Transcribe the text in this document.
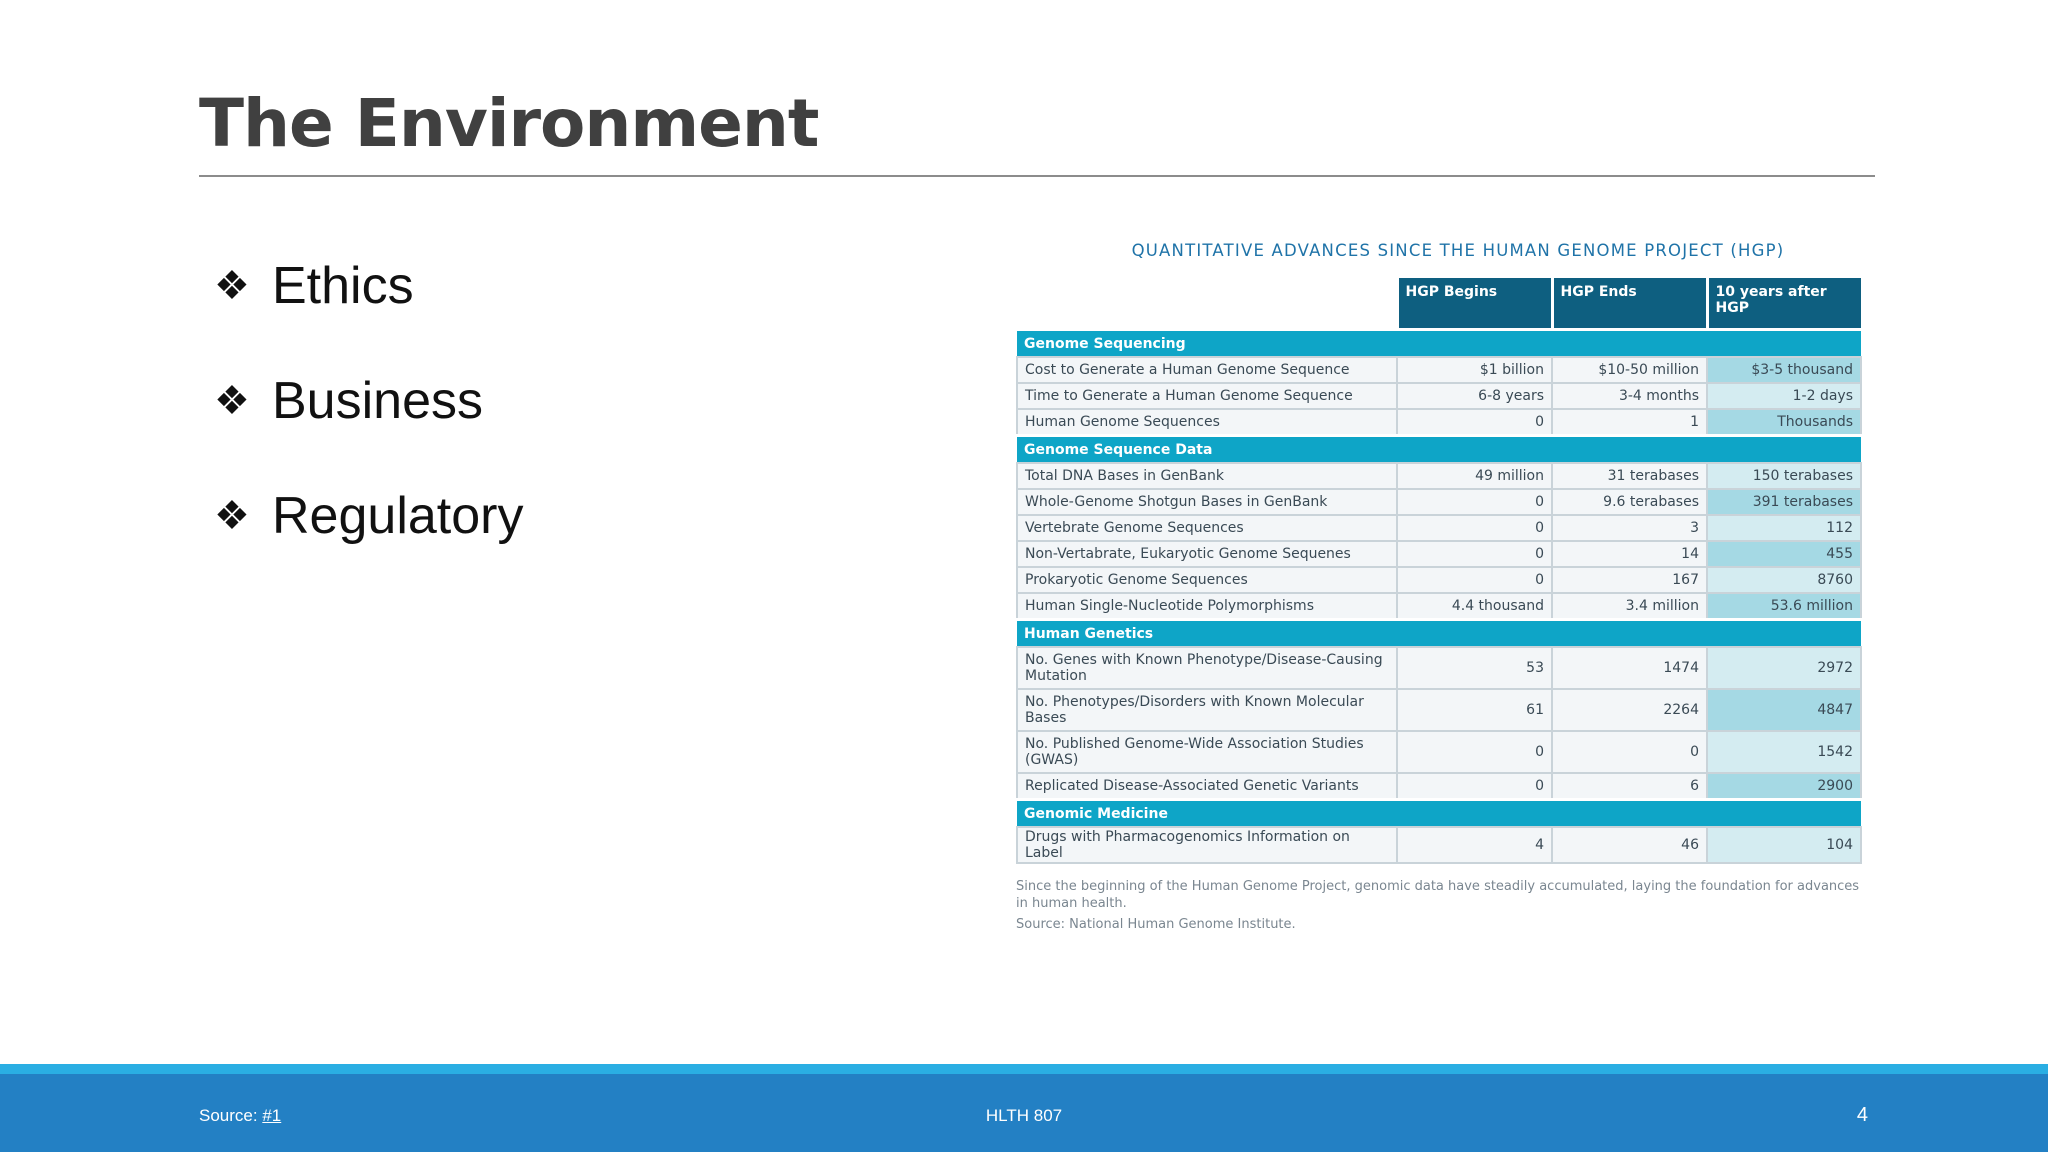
The Environment
❖ Ethics
❖ Business
❖ Regulatory
QUANTITATIVE ADVANCES SINCE THE HUMAN GENOME PROJECT (HGP)
	HGP Begins	HGP Ends	10 years after HGP
Genome Sequencing			
Cost to Generate a Human Genome Sequence	$1 billion	$10-50 million	$3-5 thousand
Time to Generate a Human Genome Sequence	6-8 years	3-4 months	1-2 days
Human Genome Sequences	0	1	Thousands
Genome Sequence Data			
Total DNA Bases in GenBank	49 million	31 terabases	150 terabases
Whole-Genome Shotgun Bases in GenBank	0	9.6 terabases	391 terabases
Vertebrate Genome Sequences	0	3	112
Non-Vertabrate, Eukaryotic Genome Sequenes	0	14	455
Prokaryotic Genome Sequences	0	167	8760
Human Single-Nucleotide Polymorphisms	4.4 thousand	3.4 million	53.6 million
Human Genetics			
No. Genes with Known Phenotype/Disease-Causing Mutation	53	1474	2972
No. Phenotypes/Disorders with Known Molecular Bases	61	2264	4847
No. Published Genome-Wide Association Studies (GWAS)	0	0	1542
Replicated Disease-Associated Genetic Variants	0	6	2900
Genomic Medicine			
Drugs with Pharmacogenomics Information on Label	4	46	104

Since the beginning of the Human Genome Project, genomic data have steadily accumulated, laying the foundation for advances in human health.

Source: National Human Genome Institute.

Source: #1	HLTH 807	4
